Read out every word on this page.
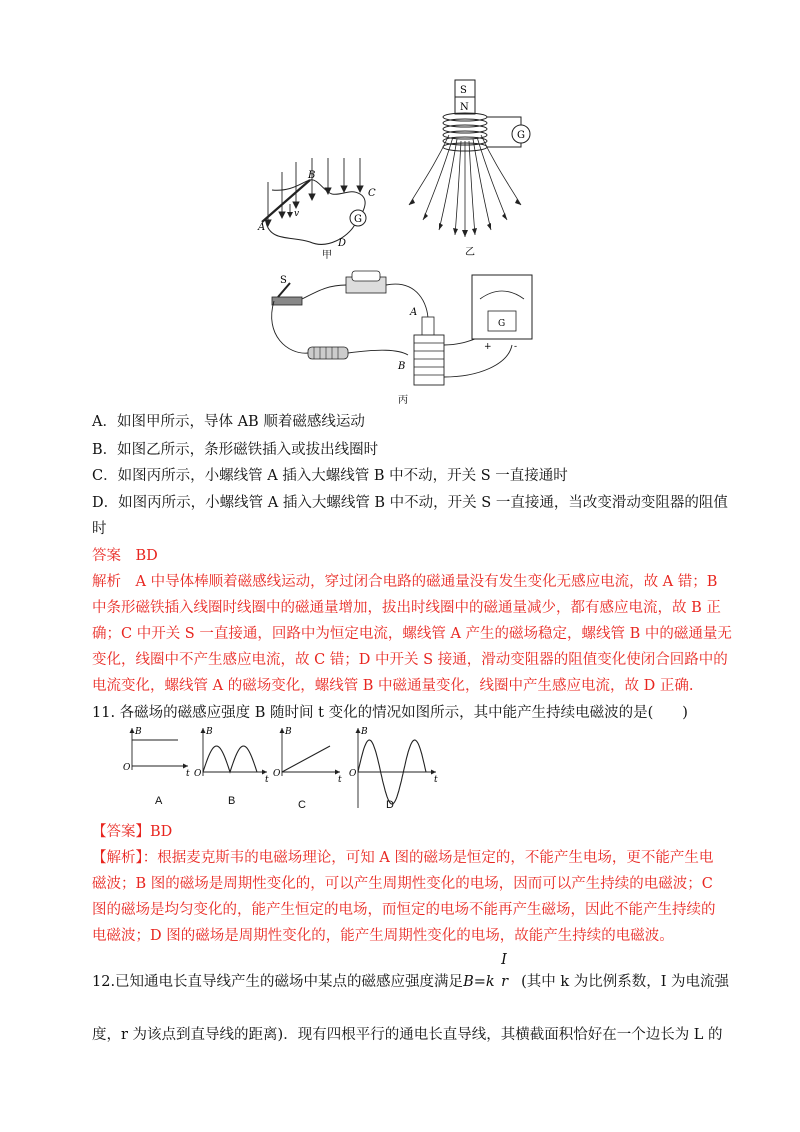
G
A
B
C
D
v
甲
S
N
G
乙
S
A
B
G
+ -
丙
A．如图甲所示，导体 AB 顺着磁感线运动
B．如图乙所示，条形磁铁插入或拔出线圈时
C．如图丙所示，小螺线管 A 插入大螺线管 B 中不动，开关 S 一直接通时
D．如图丙所示，小螺线管 A 插入大螺线管 B 中不动，开关 S 一直接通，当改变滑动变阻器的阻值
时
答案　BD
解析　A 中导体棒顺着磁感线运动，穿过闭合电路的磁通量没有发生变化无感应电流，故 A 错；B
中条形磁铁插入线圈时线圈中的磁通量增加，拔出时线圈中的磁通量减少，都有感应电流，故 B 正
确；C 中开关 S 一直接通，回路中为恒定电流，螺线管 A 产生的磁场稳定，螺线管 B 中的磁通量无
变化，线圈中不产生感应电流，故 C 错；D 中开关 S 接通，滑动变阻器的阻值变化使闭合回路中的
电流变化，螺线管 A 的磁场变化，螺线管 B 中磁通量变化，线圈中产生感应电流，故 D 正确.
11. 各磁场的磁感应强度 B 随时间 t 变化的情况如图所示，其中能产生持续电磁波的是(　　)
B
t
O
B
t
O
B
t
O
B
t
O
A	B	C	D
【答案】BD
【解析】：根据麦克斯韦的电磁场理论，可知 A 图的磁场是恒定的，不能产生电场，更不能产生电
磁波；B 图的磁场是周期性变化的，可以产生周期性变化的电场，因而可以产生持续的电磁波；C
图的磁场是均匀变化的，能产生恒定的电场，而恒定的电场不能再产生磁场，因此不能产生持续的
电磁波；D 图的磁场是周期性变化的，能产生周期性变化的电场，故能产生持续的电磁波。
12.已知通电长直导线产生的磁场中某点的磁感应强度满足B=k
I
r (其中 k 为比例系数，I 为电流强
度，r 为该点到直导线的距离)．现有四根平行的通电长直导线，其横截面积恰好在一个边长为 L 的
